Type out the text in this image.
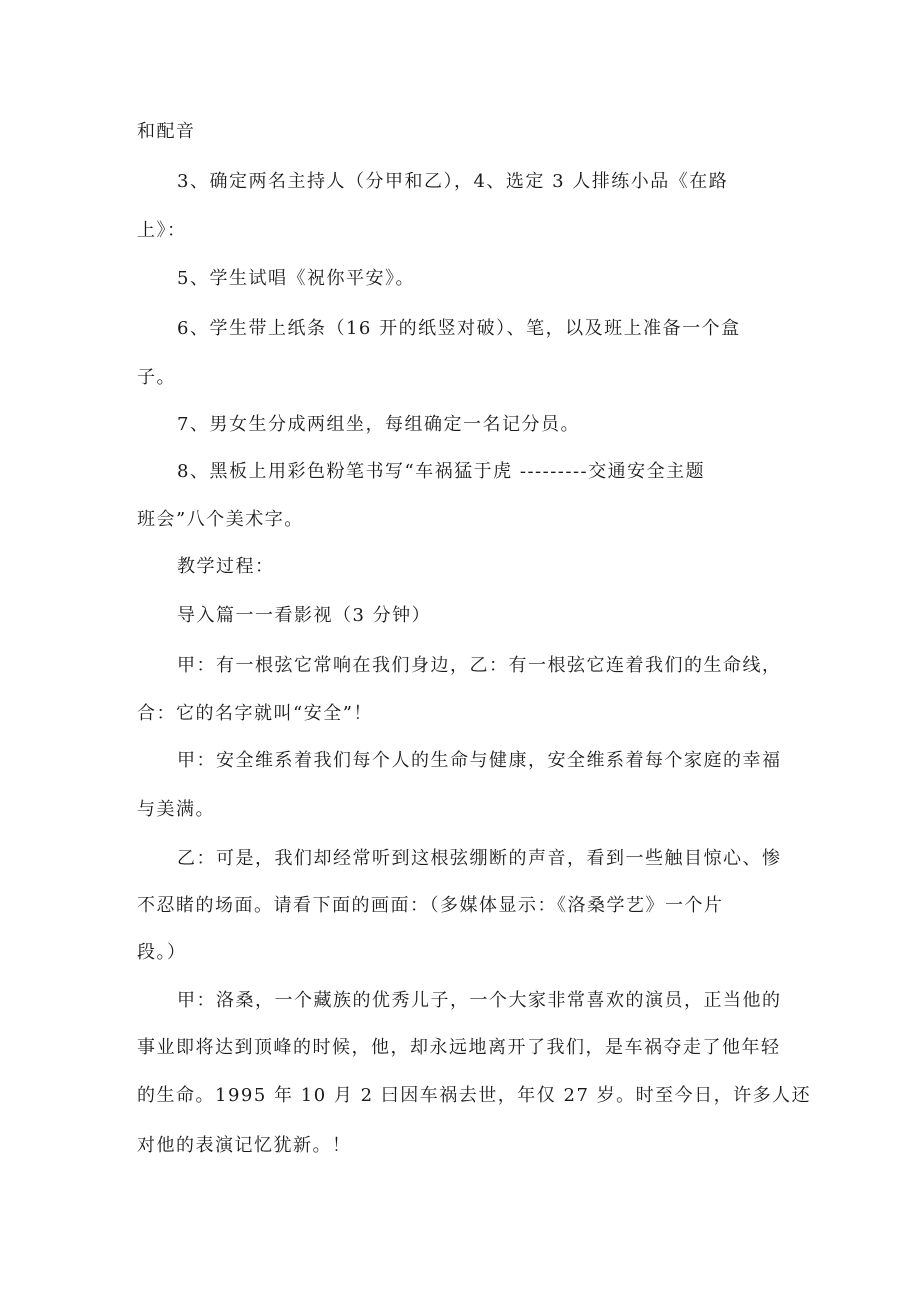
和配音
3、确定两名主持人（分甲和乙），4、选定 3 人排练小品《在路
上》：
5、学生试唱《祝你平安》。
6、学生带上纸条（16 开的纸竖对破）、笔，以及班上准备一个盒
子。
7、男女生分成两组坐，每组确定一名记分员。
8、黑板上用彩色粉笔书写“车祸猛于虎 ---------交通安全主题
班会”八个美术字。
教学过程：
导入篇一一看影视（3 分钟）
甲：有一根弦它常响在我们身边，乙：有一根弦它连着我们的生命线，
合：它的名字就叫“安全”！
甲：安全维系着我们每个人的生命与健康，安全维系着每个家庭的幸福
与美满。
乙：可是，我们却经常听到这根弦绷断的声音，看到一些触目惊心、惨
不忍睹的场面。请看下面的画面：（多媒体显示：《洛桑学艺》一个片
段。）
甲：洛桑，一个藏族的优秀儿子，一个大家非常喜欢的演员，正当他的
事业即将达到顶峰的时候，他，却永远地离开了我们，是车祸夺走了他年轻
的生命。1995 年 10 月 2 曰因车祸去世，年仅 27 岁。时至今日，许多人还
对他的表演记忆犹新。！
